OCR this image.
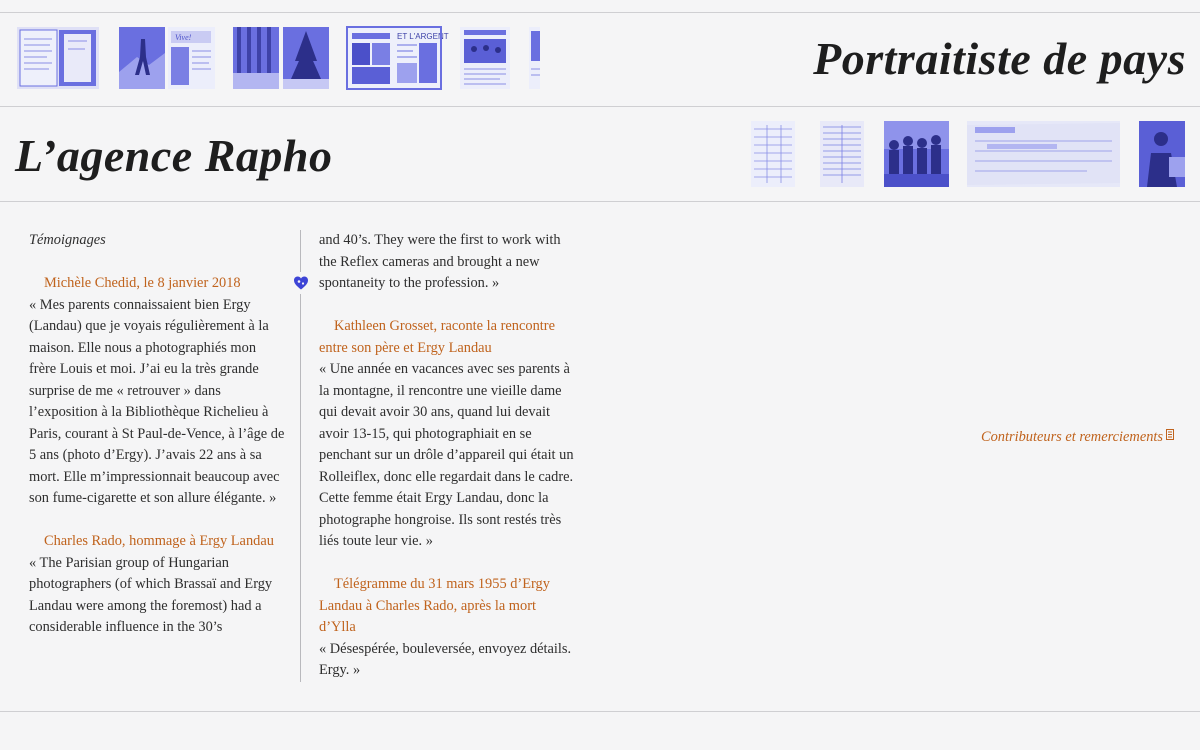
Vive!	ET L'ARGENT	Portraitiste de pays
L’agence Rapho
Témoignages
Michèle Chedid, le 8 janvier 2018
« Mes parents connaissaient bien Ergy (Landau) que je voyais régulièrement à la maison. Elle nous a photographiés mon frère Louis et moi. J’ai eu la très grande surprise de me « retrouver » dans l’exposition à la Bibliothèque Richelieu à Paris, courant à St Paul-de-Vence, à l’âge de 5 ans (photo d’Ergy). J’avais 22 ans à sa mort. Elle m’impressionnait beaucoup avec son fume-cigarette et son allure élégante. »
Charles Rado, hommage à Ergy Landau
« The Parisian group of Hungarian photographers (of which Brassaï and Ergy Landau were among the foremost) had a considerable influence in the 30’s
and 40’s. They were the first to work with the Reflex cameras and brought a new spontaneity to the profession. »
Kathleen Grosset, raconte la rencontre entre son père et Ergy Landau
« Une année en vacances avec ses parents à la montagne, il rencontre une vieille dame qui devait avoir 30 ans, quand lui devait avoir 13-15, qui photographiait en se penchant sur un drôle d’appareil qui était un Rolleiflex, donc elle regardait dans le cadre. Cette femme était Ergy Landau, donc la photographe hongroise. Ils sont restés très liés toute leur vie. »
Télégramme du 31 mars 1955 d’Ergy Landau à Charles Rado, après la mort d’Ylla
« Désespérée, bouleversée, envoyez détails. Ergy. »
Contributeurs et remerciements
